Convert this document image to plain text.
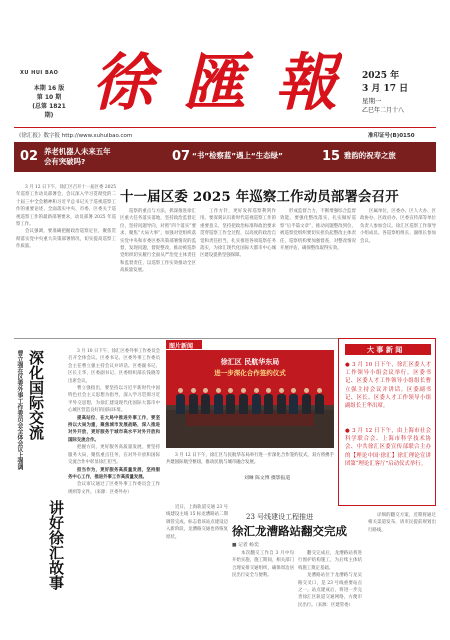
XU HUI BAO
本期 16 版
第 10 期
(总第 1821 期) 徐 匯 報	2025 年
3 月 17 日
星期一
乙巳年二月十八
《徐汇报》数字报 http://www.xuhuibao.com	准印证号(B)0150
02 养老机器人未来五年
会有突破吗?	07 “书”检察蓝”遇上“生态绿”	15 雅韵的祝寿之旅

3 月 12 日下午，徐汇区召开十一届区委 2025 年巡察工作动员部署会，会议深入学习贯彻党的二十届三中全会精神和习近平总书记关于巡视巡察工作的重要论述，全面落实中央、市委、区委关于巡视巡察工作的最新部署要求，动员部署 2025 年巡察工作。

会议强调，要准确把握政治巡察定位，聚焦贯彻落实党中央重大决策部署情况，切实提高巡察工作质量。

十一届区委 2025 年巡察工作动员部署会召开

巡察的重点与方法，抓深推进徐汇区重大任务落实落地，坚持政治监督定位，坚持问题导向，对照“四个落实”要求，聚焦“大局大事”，加强对党组织落实党中央和市委区委决策部署情况的监督，发现问题，督促整改，推动被巡察党组织切实履行全面从严治党主体责任和监督责任，以巡察工作实效推动全区高质量发展。

工作方针，更好发挥巡察利剑作用。要深刻认识新时代巡视巡察工作的重要意义，坚持把政治标准和政治要求贯穿巡察工作全过程，以高度的政治自觉和责任担当，扎实推进各项巡察任务落实，为徐汇现代化国际大都市中心城区建设提供坚强保障。

形成监督合力，不断增强综合监督效能。要强化整改落实，扎实做好巡察“后半篇文章”，推动问题整改到位，被巡察党组织要切实担负起整改主体责任，巡察机构要加强督查，对整改情况开展评估，确保整改取得实效。

区属单位，区委办、区人大办、区政协办、区政府办、区委宣传部等单位负责人参加会议。徐汇区巡察工作领导小组成员、各巡察组组长、副组长参加会议。

曹立强在区委外事工作委员会全体会议上强调 深化国际交流
讲好徐汇故事

3 月 10 日下午，徐汇区委外事工作委员会召开全体会议。区委书记、区委外事工作委员会主任曹立强主持会议并讲话。区委副书记、区长王华，区委副书记、区委组织部长钱晓等出席会议。

曹立强指出，要坚持以习近平新时代中国特色社会主义思想为指导，深入学习贯彻习近平外交思想，为徐汇建设现代化国际大都市中心城区营造良好的国际环境。

提高站位、在大局中推进外事工作，要坚持以大局为重，聚焦城市发展战略，深入推进对外开放，更好服务于城市高水平对外开放和国际交流合作。

把握方向，更好服务高质量发展，要坚持服务大局，聚焦重点任务，在对外开放和国际交流合作中彰显徐汇担当。

担当作为，更好服务高质量发展，坚持服务中心工作，推进外事工作高质量发展。

会议审议通过了区委外事工作委员会工作规则等文件。（来源：区委外办）

图片新闻
徐汇区 民航华东局
进一步深化合作签约仪式

3 月 12 日下午，徐汇区与民航华东局举行进一步深化合作签约仪式，双方将携手共建国际航空枢纽，推动民航与城市融合发展。

刘琳 陈文博 摄影报道
大 事 新 闻
● 3 月 10 日下午，徐汇区委人才工作领导小组会议举行。区委书记、区委人才工作领导小组组长曹立强主持会议并讲话。区委副书记、区长、区委人才工作领导小组副组长王华出席。
● 3 月 12 日下午，由上海市社会科学联合会、上海市科学技术协会、中共徐汇区委宣传部联合主办的【理论中国·徐汇】徐汇理论宣讲团第“理论汇客厅”启动仪式举行。
23 号线建设工程推进
徐汇龙漕路站翻交完成
■ 记者 杨奕

近日，上海轨道交通 23 号线建设主线 15 标龙漕路站二期调管完成，标志着该站点建设迈入新阶段，龙漕路交通也将恢复原状。

本次翻交工作自 3 月中旬开始实施，施工期间，相关部门合理安排交通组织，确保周边居民出行安全与便利。

翻交完成后，龙漕路站将进行围护结构施工，为后续主体结构施工奠定基础。

龙漕路站位于龙漕路与龙吴路交叉口，是 23 号线重要站点之一。站点建成后，将进一步完善徐汇区轨道交通网络，方便市民出行。（来源：区建管委）

详细的翻交方案，近期将通过相关渠道发布，请市民提前规划出行路线。
